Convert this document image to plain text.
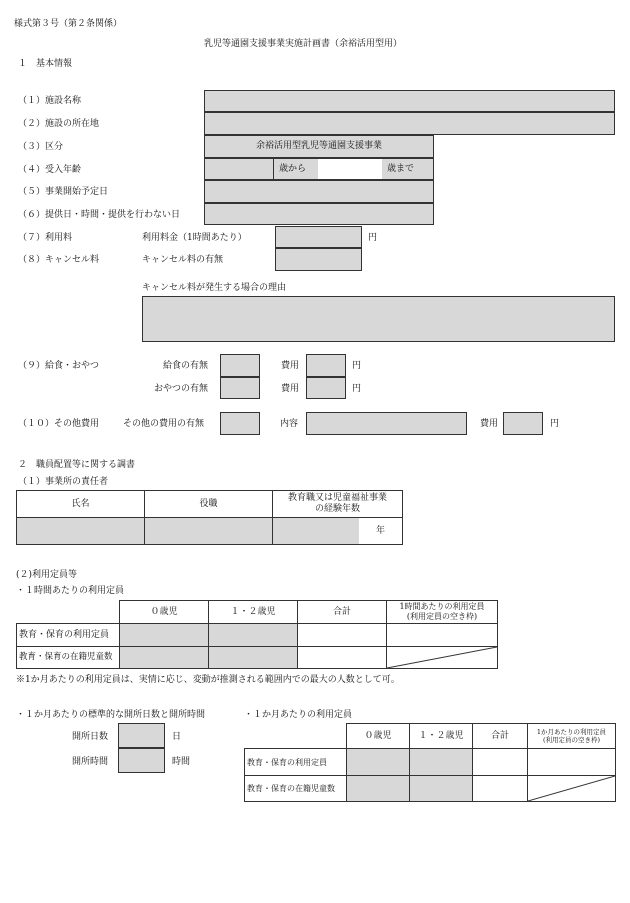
様式第３号（第２条関係）
乳児等通園支援事業実施計画書（余裕活用型用）
１　基本情報
（１）施設名称
（２）施設の所在地
（３）区分	余裕活用型乳児等通園支援事業
（４）受入年齢	歳から	歳まで
（５）事業開始予定日
（６）提供日・時間・提供を行わない日
（７）利用料	利用料金（1時間あたり）	円
（８）キャンセル料	キャンセル料の有無
キャンセル料が発生する場合の理由
（９）給食・おやつ	給食の有無	費用	円
おやつの有無	費用	円
（１０）その他費用	その他の費用の有無	内容	費用	円
２　職員配置等に関する調書
（１）事業所の責任者
氏名	役職	教育職又は児童福祉事業
の経験年数

		年
(２)利用定員等
・１時間あたりの利用定員
	０歳児	１・２歳児	合計	1時間あたりの利用定員
(利用定員の空き枠)
教育・保育の利用定員				
教育・保育の在籍児童数				
※1か月あたりの利用定員は、実情に応じ、変動が推測される範囲内での最大の人数として可。
・１か月あたりの標準的な開所日数と開所時間
開所日数	日
開所時間	時間
・１か月あたりの利用定員
	０歳児	１・２歳児	合計	1か月あたりの利用定員
(利用定員の空き枠)
教育・保育の利用定員				
教育・保育の在籍児童数				
